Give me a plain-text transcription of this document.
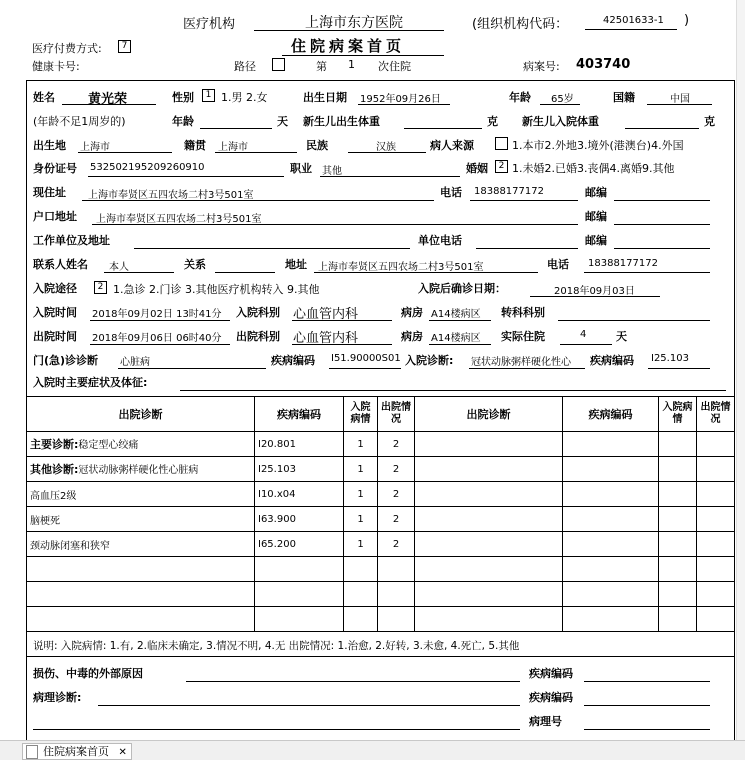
医疗机构	上海市东方医院	(组织机构代码：	42501633-1 )
医疗付费方式:	7	住院病案首页
健康卡号:	路径	第 1 次住院	病案号: 403740
姓名	黄光荣	性别	1 1.男 2.女	出生日期 1952年09月26日	年龄 65岁	国籍	中国
(年龄不足1周岁的)	年龄	天 新生儿出生体重	克 新生儿入院体重	克
出生地 上海市	籍贯 上海市	民族	汉族	病人来源	1.本市2.外地3.境外(港澳台)4.外国
身份证号 532502195209260910	职业 其他	婚姻	2 1.未婚2.已婚3.丧偶4.离婚9.其他
现住址 上海市奉贤区五四农场二村3号501室	电话 18388177172	邮编
户口地址 上海市奉贤区五四农场二村3号501室	邮编
工作单位及地址	单位电话	邮编
联系人姓名 本人	关系	地址 上海市奉贤区五四农场二村3号501室	电话 18388177172
入院途径	2 1.急诊 2.门诊 3.其他医疗机构转入 9.其他	入院后确诊日期：	2018年09月03日
入院时间 2018年09月02日 13时41分 入院科别 心血管内科	病房 A14楼病区 转科科别
出院时间 2018年09月06日 06时40分 出院科别 心血管内科	病房 A14楼病区 实际住院	4	天
门(急)诊诊断 心脏病	疾病编码 I51.90000S01 入院诊断: 冠状动脉粥样硬化性心 疾病编码 I25.103
入院时主要症状及体征:
出院诊断	疾病编码	入院病情	出院情况	出院诊断	疾病编码	入院病情	出院情况
主要诊断:稳定型心绞痛	I20.801	1	2				
其他诊断:冠状动脉粥样硬化性心脏病	I25.103	1	2				
高血压2级	I10.x04	1	2				
脑梗死	I63.900	1	2				
颈动脉闭塞和狭窄	I65.200	1	2				

说明: 入院病情: 1.有, 2.临床未确定, 3.情况不明, 4.无 出院情况: 1.治愈, 2.好转, 3.未愈, 4.死亡, 5.其他
损伤、中毒的外部原因	疾病编码
病理诊断:	疾病编码
病理号
住院病案首页 ✕
